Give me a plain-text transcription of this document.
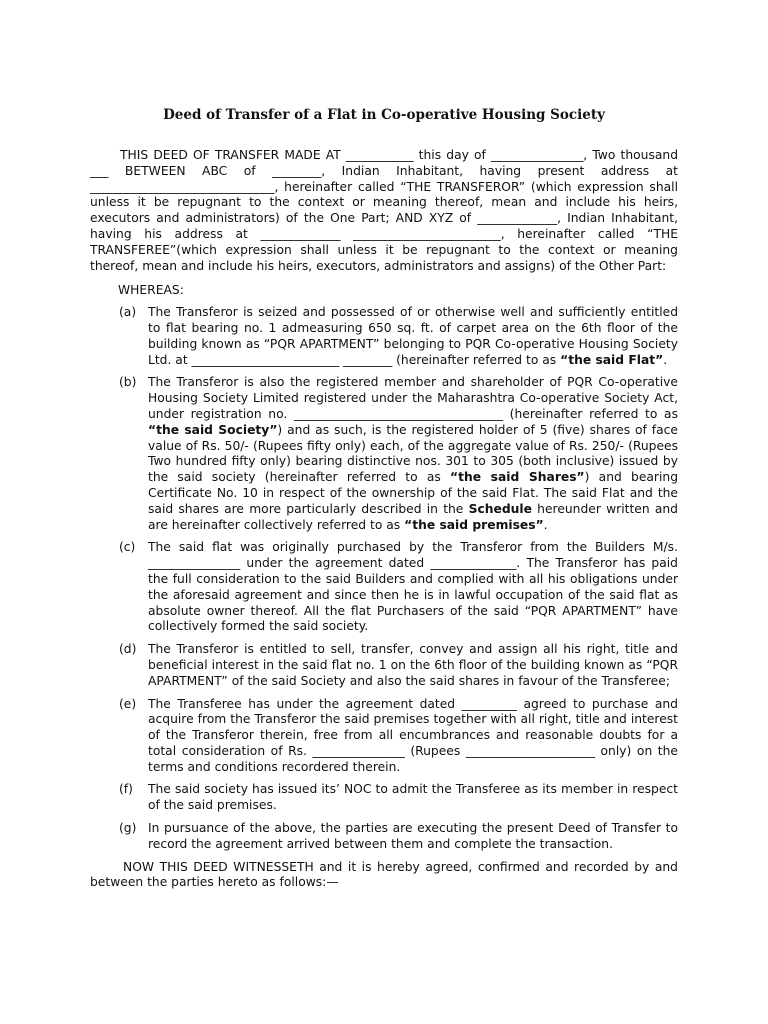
Deed of Transfer of a Flat in Co-operative Housing Society

THIS DEED OF TRANSFER MADE AT ___________ this day of _______________, Two thousand ___ BETWEEN ABC of ________, Indian Inhabitant, having present address at ______________________________, hereinafter called “THE TRANSFEROR” (which expression shall unless it be repugnant to the context or meaning thereof, mean and include his heirs, executors and administrators) of the One Part; AND XYZ of _____________, Indian Inhabitant, having his address at _____________ ________________________, hereinafter called “THE TRANSFEREE”(which expression shall unless it be repugnant to the context or meaning thereof, mean and include his heirs, executors, administrators and assigns) of the Other Part:

WHEREAS:

(a) The Transferor is seized and possessed of or otherwise well and sufficiently entitled to flat bearing no. 1 admeasuring 650 sq. ft. of carpet area on the 6th floor of the building known as “PQR APARTMENT” belonging to PQR Co-operative Housing Society Ltd. at ________________________ ________ (hereinafter referred to as “the said Flat”.
(b) The Transferor is also the registered member and shareholder of PQR Co-operative Housing Society Limited registered under the Maharashtra Co-operative Society Act, under registration no. __________________________________ (hereinafter referred to as “the said Society”) and as such, is the registered holder of 5 (five) shares of face value of Rs. 50/- (Rupees fifty only) each, of the aggregate value of Rs. 250/- (Rupees Two hundred fifty only) bearing distinctive nos. 301 to 305 (both inclusive) issued by the said society (hereinafter referred to as “the said Shares”) and bearing Certificate No. 10 in respect of the ownership of the said Flat. The said Flat and the said shares are more particularly described in the Schedule hereunder written and are hereinafter collectively referred to as “the said premises”.
(c)	The said flat was originally purchased by the Transferor from the Builders M/s. _______________ under the agreement dated ______________. The Transferor has paid the full consideration to the said Builders and complied with all his obligations under the aforesaid agreement and since then he is in lawful occupation of the said flat as absolute owner thereof. All the flat Purchasers of the said “PQR APARTMENT” have collectively formed the said society.
(d) The Transferor is entitled to sell, transfer, convey and assign all his right, title and beneficial interest in the said flat no. 1 on the 6th floor of the building known as “PQR APARTMENT” of the said Society and also the said shares in favour of the Transferee;
(e) The Transferee has under the agreement dated _________ agreed to purchase and acquire from the Transferor the said premises together with all right, title and interest of the Transferor therein, free from all encumbrances and reasonable doubts for a total consideration of Rs. _______________ (Rupees _____________________ only) on the terms and conditions recordered therein.
(f)	The said society has issued its’ NOC to admit the Transferee as its member in respect of the said premises.
(g) In pursuance of the above, the parties are executing the present Deed of Transfer to record the agreement arrived between them and complete the transaction.

NOW THIS DEED WITNESSETH and it is hereby agreed, confirmed and recorded by and between the parties hereto as follows:—
